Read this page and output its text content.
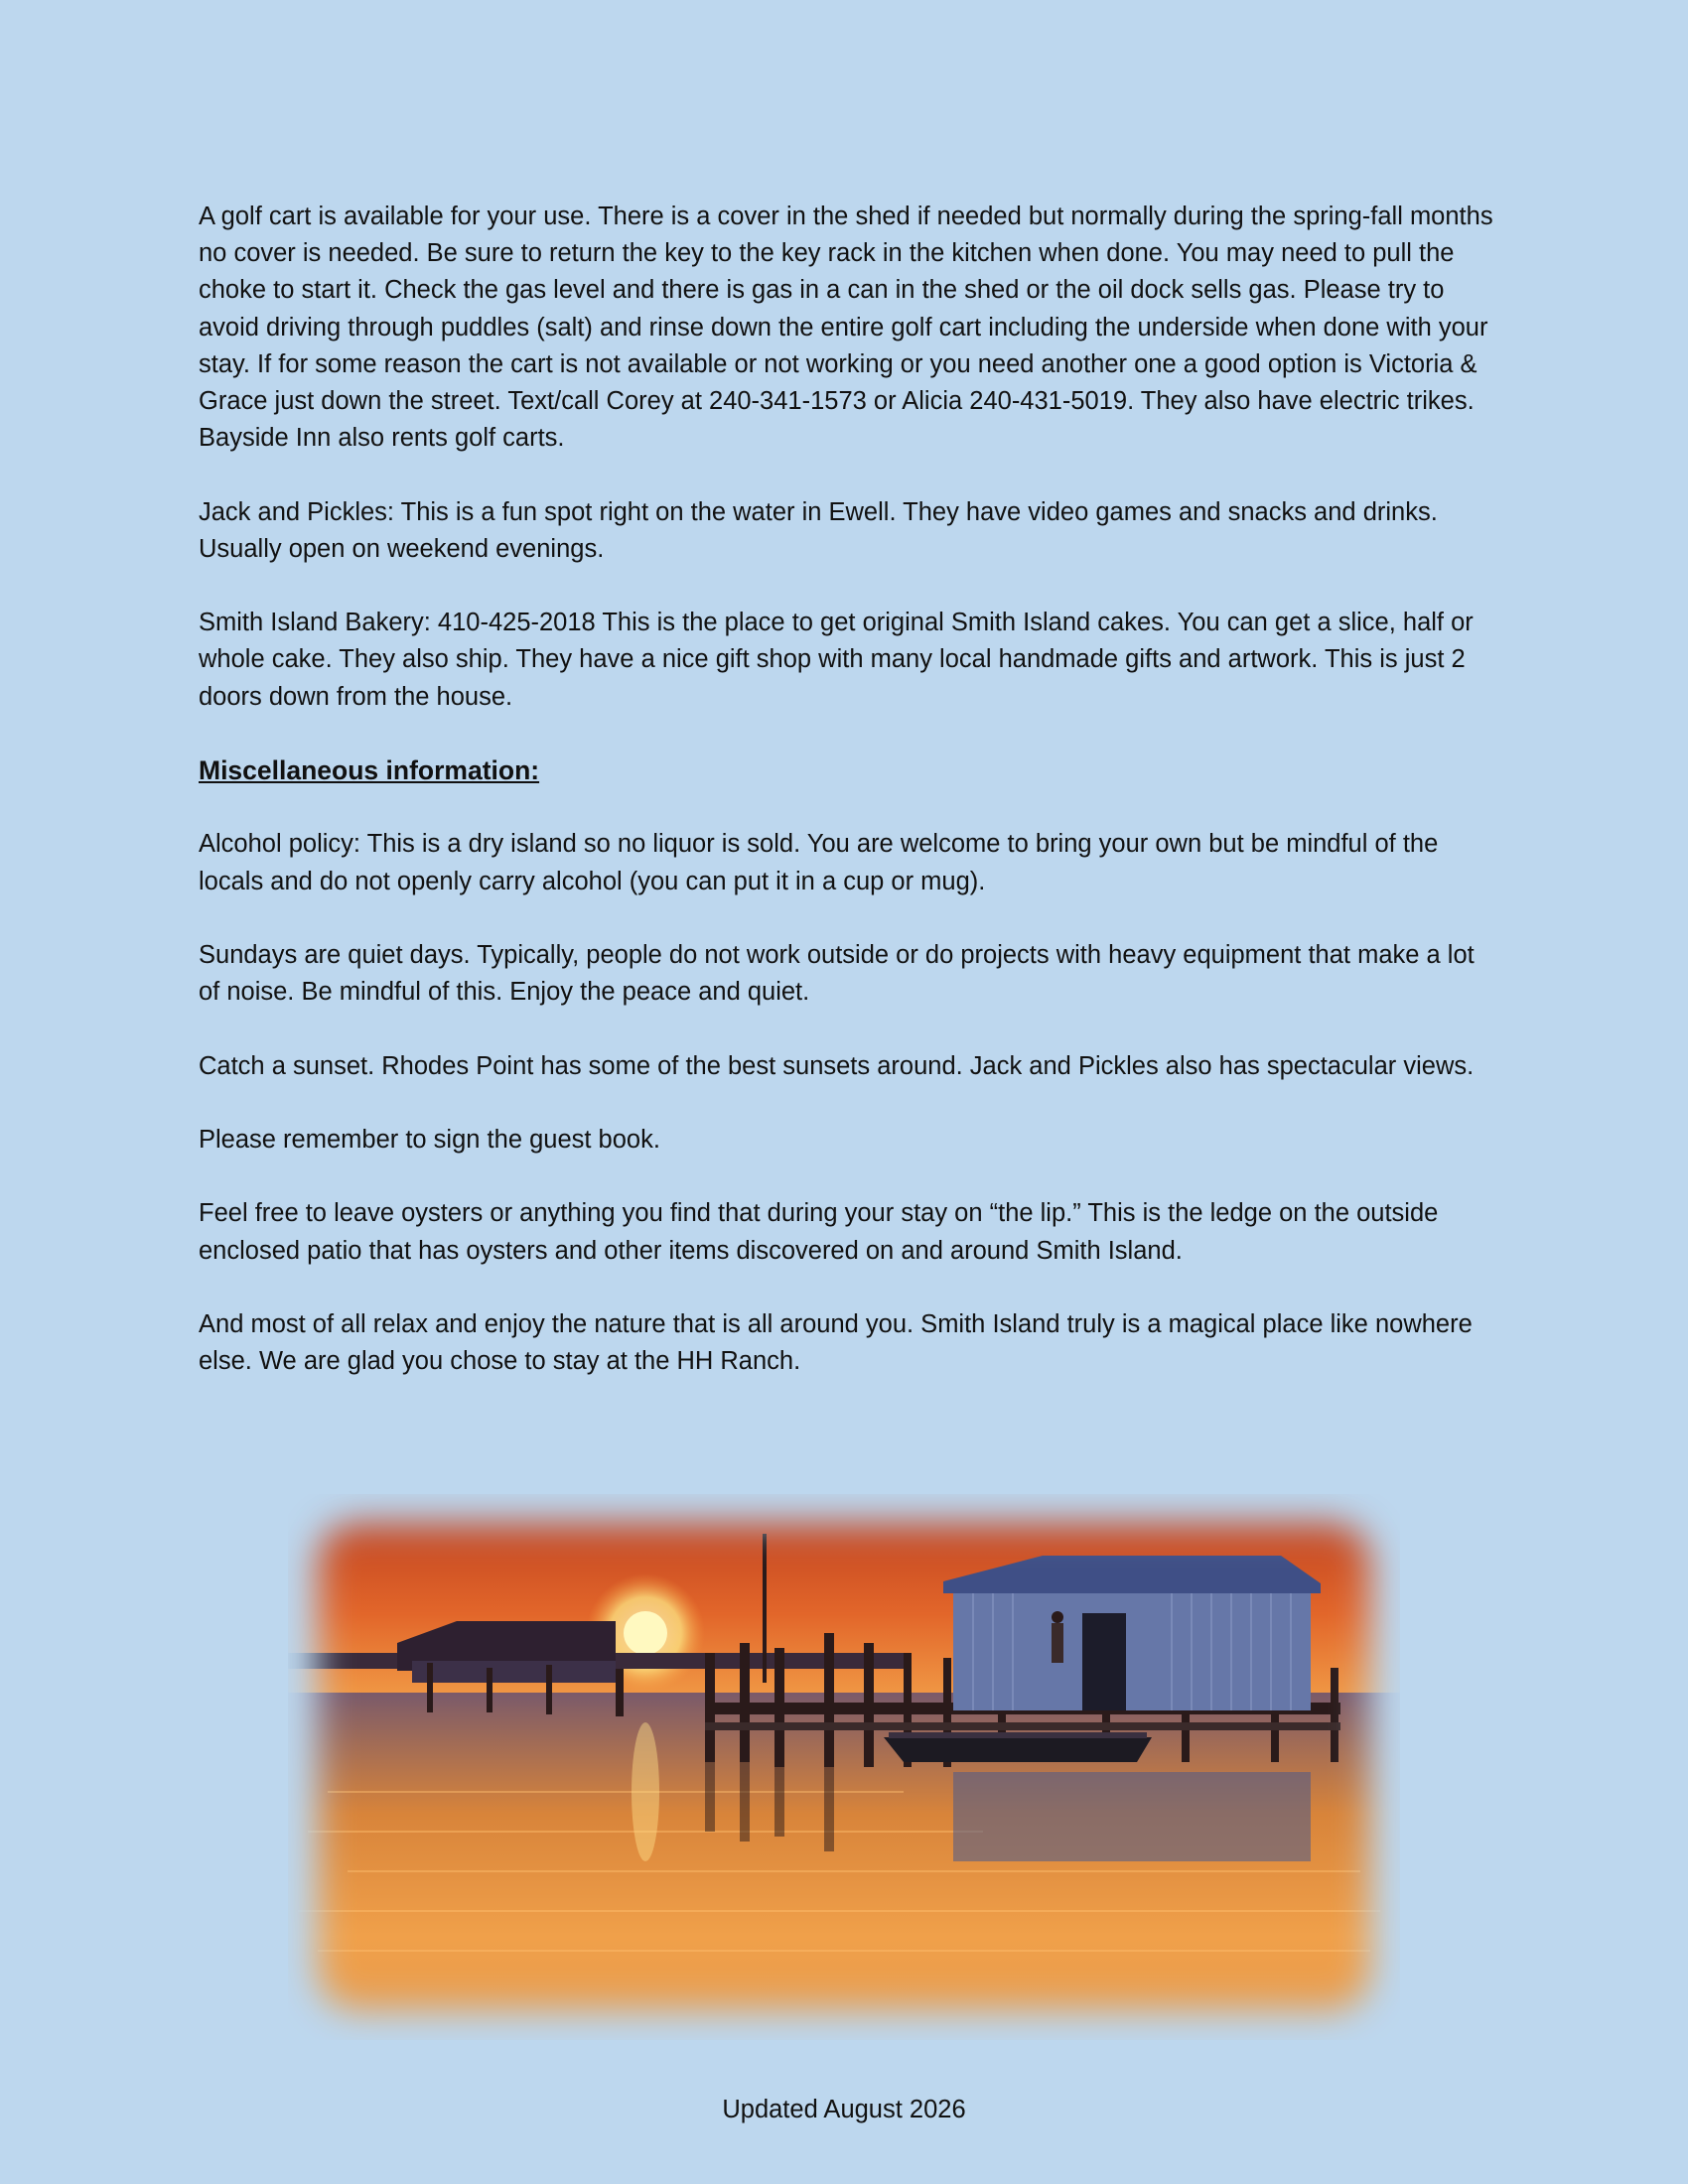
A golf cart is available for your use. There is a cover in the shed if needed but normally during the spring-fall months no cover is needed. Be sure to return the key to the key rack in the kitchen when done. You may need to pull the choke to start it. Check the gas level and there is gas in a can in the shed or the oil dock sells gas. Please try to avoid driving through puddles (salt) and rinse down the entire golf cart including the underside when done with your stay. If for some reason the cart is not available or not working or you need another one a good option is Victoria & Grace just down the street. Text/call Corey at 240-341-1573 or Alicia 240-431-5019. They also have electric trikes. Bayside Inn also rents golf carts.

Jack and Pickles: This is a fun spot right on the water in Ewell. They have video games and snacks and drinks. Usually open on weekend evenings.

Smith Island Bakery: 410-425-2018 This is the place to get original Smith Island cakes. You can get a slice, half or whole cake. They also ship. They have a nice gift shop with many local handmade gifts and artwork. This is just 2 doors down from the house.

Miscellaneous information:

Alcohol policy: This is a dry island so no liquor is sold. You are welcome to bring your own but be mindful of the locals and do not openly carry alcohol (you can put it in a cup or mug).

Sundays are quiet days. Typically, people do not work outside or do projects with heavy equipment that make a lot of noise. Be mindful of this. Enjoy the peace and quiet.

Catch a sunset. Rhodes Point has some of the best sunsets around. Jack and Pickles also has spectacular views.

Please remember to sign the guest book.

Feel free to leave oysters or anything you find that during your stay on “the lip.” This is the ledge on the outside enclosed patio that has oysters and other items discovered on and around Smith Island.

And most of all relax and enjoy the nature that is all around you. Smith Island truly is a magical place like nowhere else. We are glad you chose to stay at the HH Ranch.

Updated August 2026
